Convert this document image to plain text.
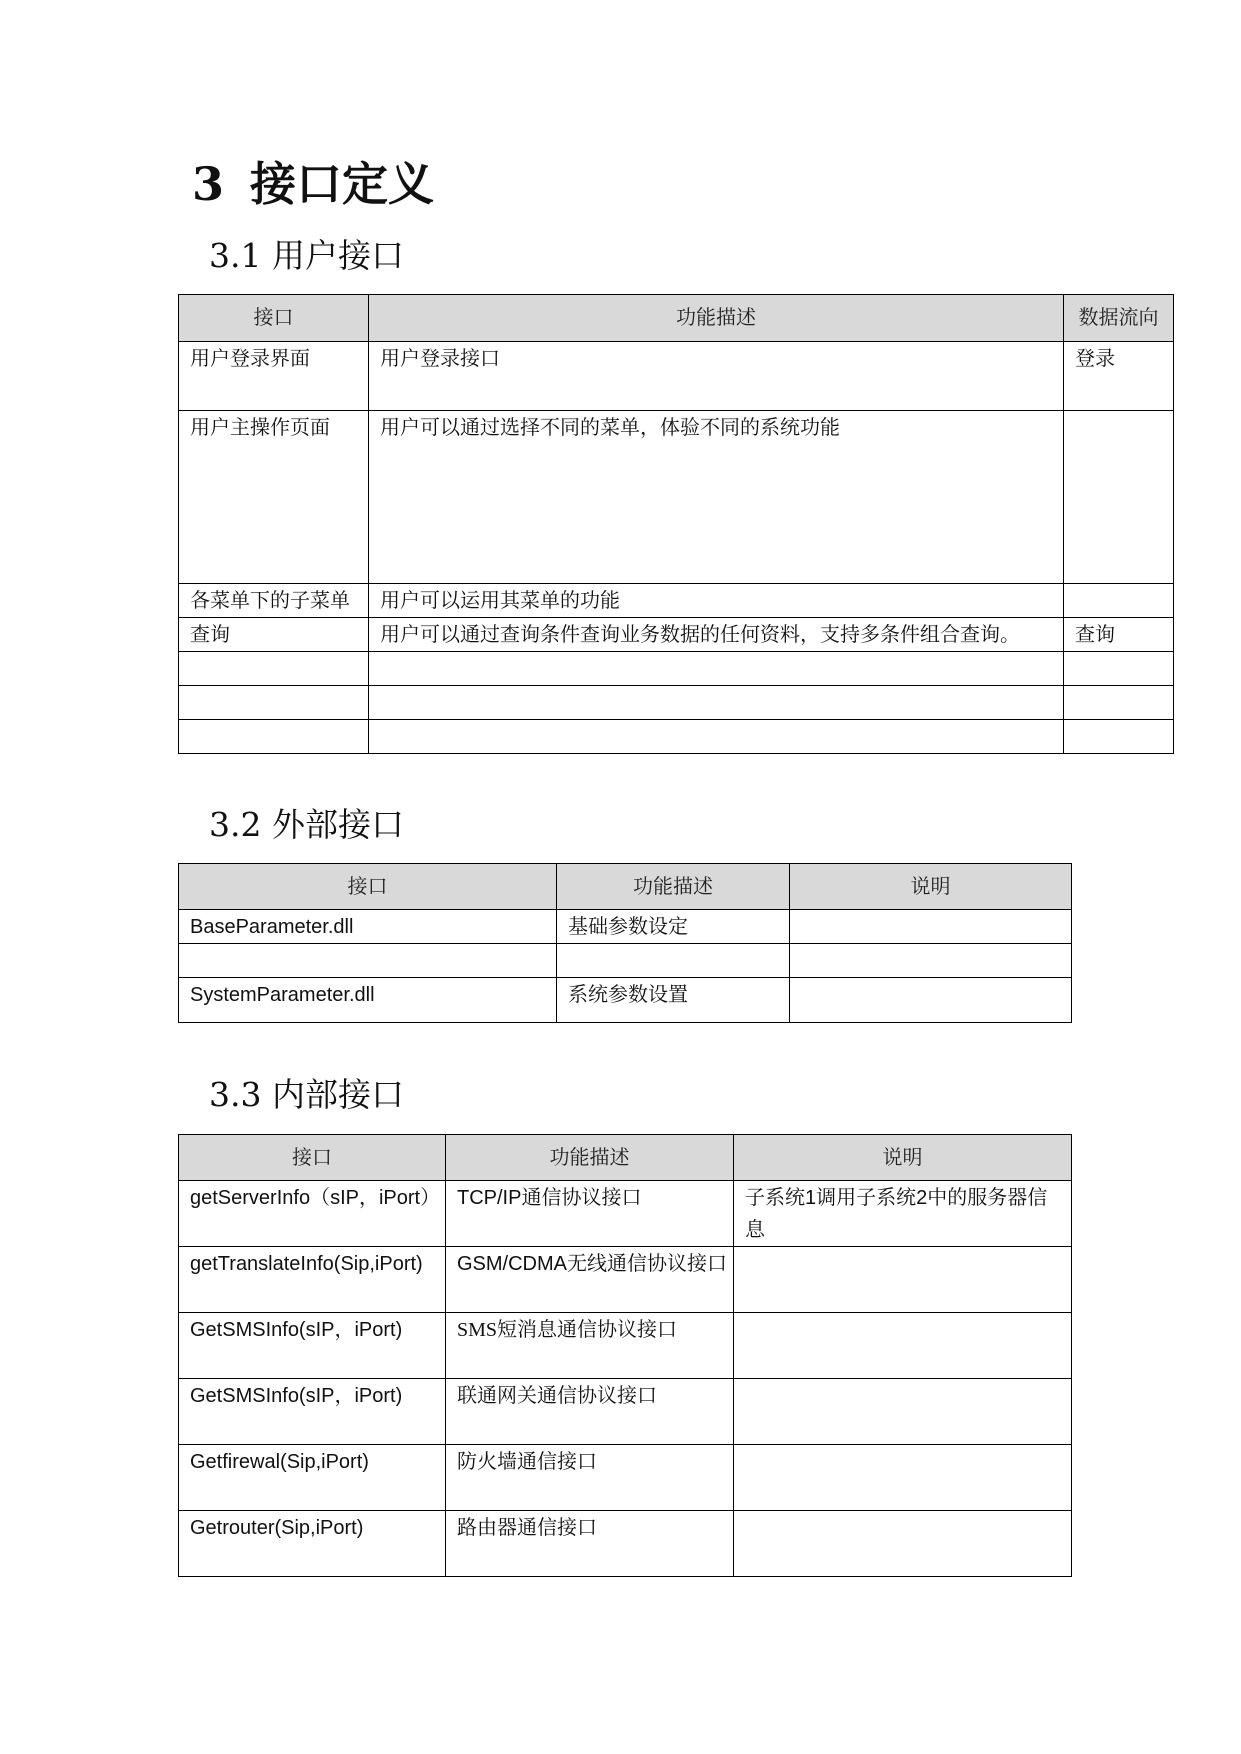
3 接口定义
3.1 用户接口
接口	功能描述	数据流向
用户登录界面	用户登录接口	登录
用户主操作页面	用户可以通过选择不同的菜单，体验不同的系统功能	
各菜单下的子菜单	用户可以运用其菜单的功能	
查询	用户可以通过查询条件查询业务数据的任何资料，支持多条件组合查询。	查询

3.2 外部接口
接口	功能描述	说明
BaseParameter.dll	基础参数设定	

SystemParameter.dll	系统参数设置	
3.3 内部接口
接口	功能描述	说明
getServerInfo（sIP，iPort）	TCP/IP通信协议接口	子系统1调用子系统2中的服务器信息
getTranslateInfo(Sip,iPort)	GSM/CDMA无线通信协议接口	
GetSMSInfo(sIP，iPort)	SMS短消息通信协议接口	
GetSMSInfo(sIP，iPort)	联通网关通信协议接口	
Getfirewal(Sip,iPort)	防火墙通信接口	
Getrouter(Sip,iPort)	路由器通信接口	
